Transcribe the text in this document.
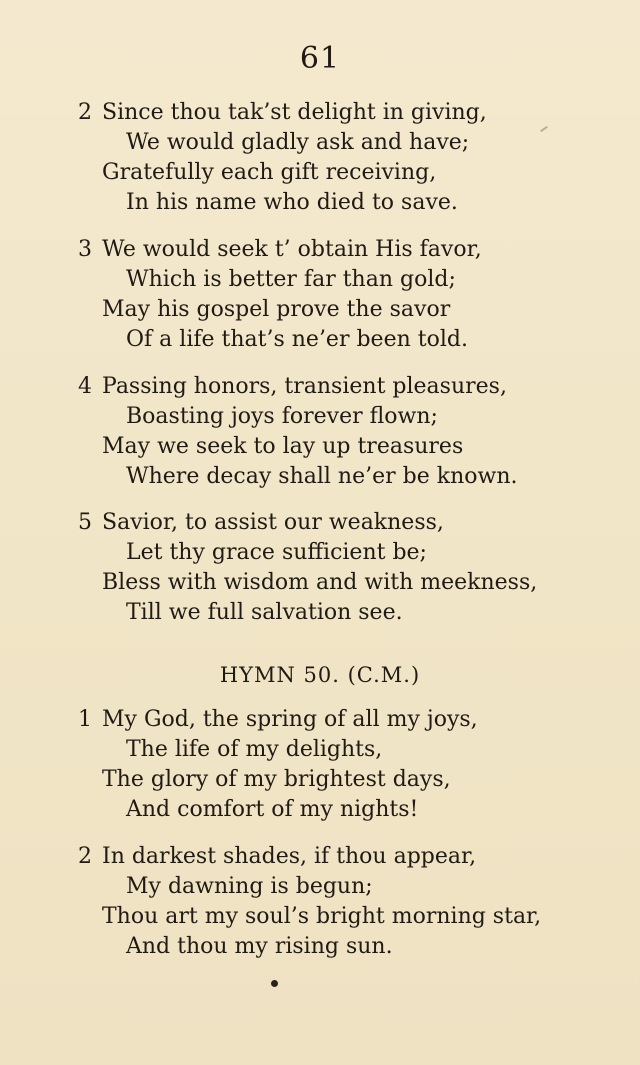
61
2 Since thou tak’st delight in giving,
We would gladly ask and have;
Gratefully each gift receiving,
In his name who died to save.
3 We would seek t’ obtain His favor,
Which is better far than gold;
May his gospel prove the savor
Of a life that’s ne’er been told.
4 Passing honors, transient pleasures,
Boasting joys forever flown;
May we seek to lay up treasures
Where decay shall ne’er be known.
5 Savior, to assist our weakness,
Let thy grace sufficient be;
Bless with wisdom and with meekness,
Till we full salvation see.
HYMN 50. (C.M.)
1 My God, the spring of all my joys,
The life of my delights,
The glory of my brightest days,
And comfort of my nights!
2 In darkest shades, if thou appear,
My dawning is begun;
Thou art my soul’s bright morning star,
And thou my rising sun.
